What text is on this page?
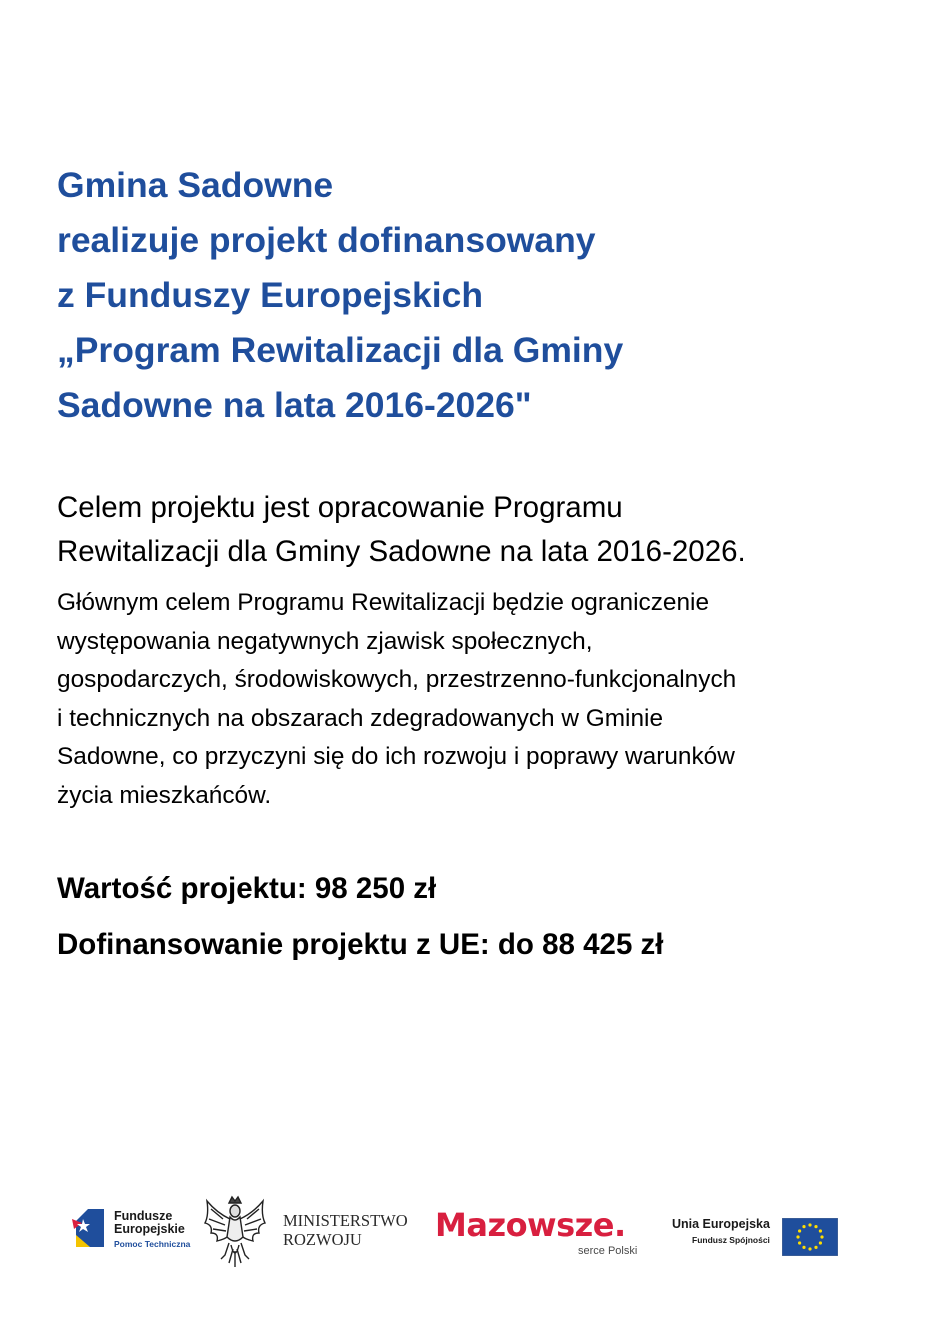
Gmina Sadowne
realizuje projekt dofinansowany
z Funduszy Europejskich
„Program Rewitalizacji dla Gminy
Sadowne na lata 2016-2026"

Celem projektu jest opracowanie Programu
Rewitalizacji dla Gminy Sadowne na lata 2016-2026.

Głównym celem Programu Rewitalizacji będzie ograniczenie
występowania negatywnych zjawisk społecznych,
gospodarczych, środowiskowych, przestrzenno-funkcjonalnych
i technicznych na obszarach zdegradowanych w Gminie
Sadowne, co przyczyni się do ich rozwoju i poprawy warunków
życia mieszkańców.

Wartość projektu: 98 250 zł

Dofinansowanie projektu z UE: do 88 425 zł

Fundusze
Europejskie
Pomoc Techniczna
MINISTERSTWO
ROZWOJU	Mazowsze.
serce Polski
Unia Europejska
Fundusz Spójności
